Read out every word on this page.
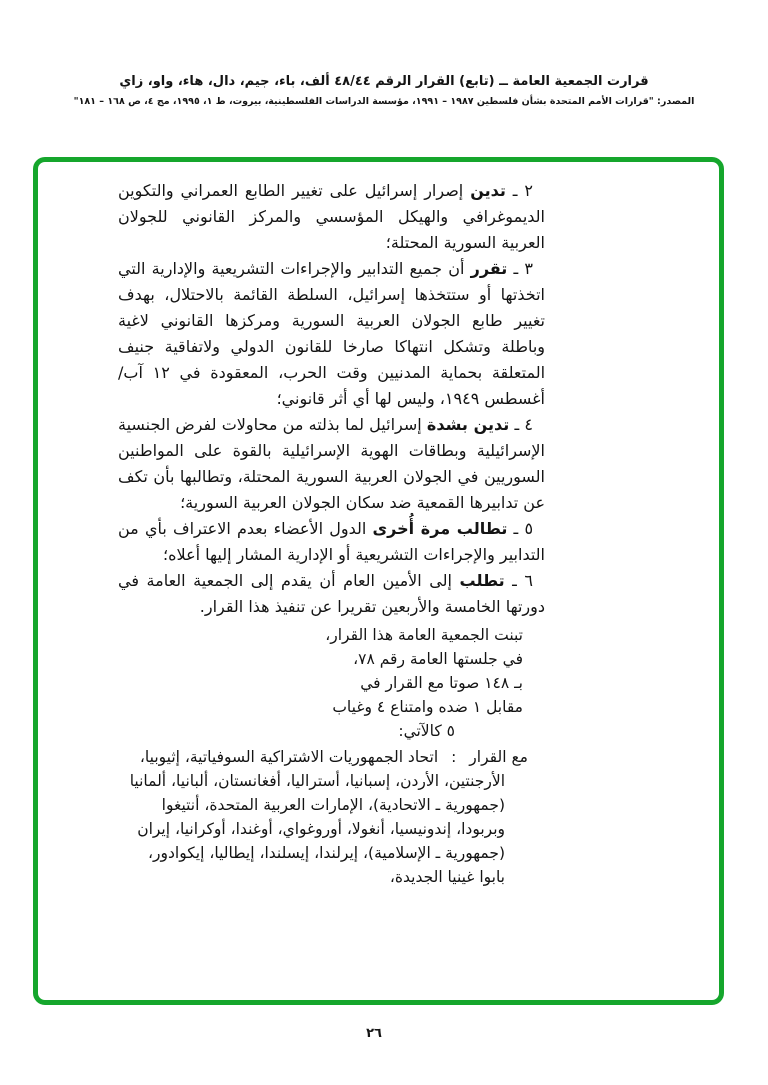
قرارت الجمعية العامة ــ (تابع) القرار الرقم ٤٨/٤٤ ألف، باء، جيم، دال، هاء، واو، زاي
المصدر: "قرارات الأمم المتحدة بشأن فلسطين ١٩٨٧ – ١٩٩١، مؤسسة الدراسات الفلسطينية، بيروت، ط ١، ١٩٩٥، مج ٤، ص ١٦٨ – ١٨١"

٢ ـ تدين إصرار إسرائيل على تغيير الطابع العمراني والتكوين الديموغرافي والهيكل المؤسسي والمركز القانوني للجولان العربية السورية المحتلة؛

٣ ـ تقرر أن جميع التدابير والإجراءات التشريعية والإدارية التي اتخذتها أو ستتخذها إسرائيل، السلطة القائمة بالاحتلال، بهدف تغيير طابع الجولان العربية السورية ومركزها القانوني لاغية وباطلة وتشكل انتهاكا صارخا للقانون الدولي ولاتفاقية جنيف المتعلقة بحماية المدنيين وقت الحرب، المعقودة في ١٢ آب/أغسطس ١٩٤٩، وليس لها أي أثر قانوني؛

٤ ـ تدين بشدة إسرائيل لما بذلته من محاولات لفرض الجنسية الإسرائيلية وبطاقات الهوية الإسرائيلية بالقوة على المواطنين السوريين في الجولان العربية السورية المحتلة، وتطالبها بأن تكف عن تدابيرها القمعية ضد سكان الجولان العربية السورية؛

٥ ـ تطالب مرة أُخرى الدول الأعضاء بعدم الاعتراف بأي من التدابير والإجراءات التشريعية أو الإدارية المشار إليها أعلاه؛

٦ ـ تطلب إلى الأمين العام أن يقدم إلى الجمعية العامة في دورتها الخامسة والأربعين تقريرا عن تنفيذ هذا القرار.

تبنت الجمعية العامة هذا القرار،
في جلستها العامة رقم ٧٨،
بـ ١٤٨ صوتا مع القرار في
مقابل ١ ضده وامتناع ٤ وغياب
٥ كالآتي:

مع القرار : اتحاد الجمهوريات الاشتراكية السوفياتية، إثيوبيا، الأرجنتين، الأردن، إسبانيا، أستراليا، أفغانستان، ألبانيا، ألمانيا (جمهورية ـ الاتحادية)، الإمارات العربية المتحدة، أنتيغوا وبربودا، إندونيسيا، أنغولا، أوروغواي، أوغندا، أوكرانيا، إيران (جمهورية ـ الإسلامية)، إيرلندا، إيسلندا، إيطاليا، إيكوادور، بابوا غينيا الجديدة،

٢٦
